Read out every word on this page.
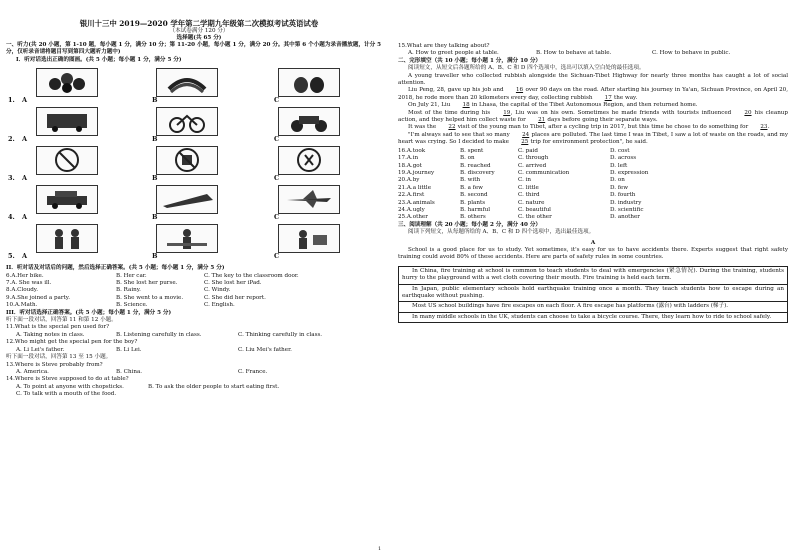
银川十三中 2019—2020 学年第二学期九年级第二次模拟考试英语试卷
（本试卷满分 120 分）
选择题(共 65 分)
一、听力(共 20 小题，第 1-10 题，每小题 1 分，满分 10 分；第 11-20 小题，每小题 1 分，满分 20 分。其中第 6 个小题为录音播放题，计分 5 分，仅听录音请将题目写到第四大题听力题中)
I．听对话选出正确的图画。(共 5 小题；每小题 1 分，满分 5 分)
1. A	B	C
2. A	B	C
3. A	B	C
4. A	B	C
5. A	B	C
II．听对话及对话后的问题，然后选择正确答案。(共 5 小题；每小题 1 分，满分 5 分)
6.A.Her bike.	B. Her car.	C. The key to the classroom door.
7.A. She was ill.	B. She lost her purse.	C. She lost her iPad.
8.A.Cloudy.	B. Rainy.	C. Windy.
9.A.She joined a party.	B. She went to a movie.	C. She did her report.
10.A.Math.	B. Science.	C. English.
III．听对话选择正确答案。(共 5 小题；每小题 1 分，满分 5 分)
听下面一段对话，回答第 11 和第 12 小题。
11.What is the special pen used for?
A. Taking notes in class.	B. Listening carefully in class.	C. Thinking carefully in class.
12.Who might get the special pen for the boy?
A. Li Lei's father.	B. Li Lei.	C. Liu Mei's father.
听下面一段对话，回答第 13 至 15 小题。
13.Where is Steve probably from?
A. America.	B. China.	C. France.
14.Where is Steve supposed to do at table?
A. To point at anyone with chopsticks.	B. To ask the older people to start eating first.
C. To talk with a mouth of the food.
15.What are they talking about?
A. How to greet people at table.	B. How to behave at table.	C. How to behave in public.
二、完形填空（共 10 小题；每小题 1 分，满分 10 分）
阅读短文，从短文后各题所给的 A、B、C 和 D 四个选项中，选出可以填入空白处的最佳选项。
A young traveller who collected rubbish alongside the Sichuan-Tibet Highway for nearly three months has caught a lot of social attention.
Liu Peng, 28, gave up his job and 16 over 90 days on the road. After starting his journey in Ya'an, Sichuan Province, on April 20, 2018, he rode more than 20 kilometers every day, collecting rubbish 17 the way.
On July 21, Liu 18 in Lhasa, the capital of the Tibet Autonomous Region, and then returned home.
Most of the time during his 19, Liu was on his own. Sometimes he made friends with tourists influenced 20 his cleanup action, and they helped him collect waste for 21 days before going their separate ways.
It was the 22 visit of the young man to Tibet, after a cycling trip in 2017, but this time he chose to do something for 23.
"I'm always sad to see that so many 24 places are polluted. The last time I was in Tibet, I saw a lot of waste on the roads, and my heart was crying. So I decided to make 25 trip for environment protection", he said.
16.A.took	B. spent	C. paid	D. cost
17.A.in	B. on	C. through	D. across
18.A.got	B. reached	C. arrived	D. left
19.A.journey	B. discovery	C. communication	D. expression
20.A.by	B. with	C. in	D. on
21.A.a little	B. a few	C. little	D. few
22.A.first	B. second	C. third	D. fourth
23.A.animals	B. plants	C. nature	D. industry
24.A.ugly	B. harmful	C. beautiful	D. scientific
25.A.other	B. others	C. the other	D. another
三、阅读理解（共 20 小题；每小题 2 分，满分 40 分）
阅读下列短文，从每题所给的 A、B、C 和 D 四个选项中，选出最佳选项。
A
School is a good place for us to study. Yet sometimes, it's easy for us to have accidents there. Experts suggest that right safety training could avoid 80% of these accidents. Here are parts of safety rules in some countries.
In China, fire training at school is common to teach students to deal with emergencies (紧急情况). During the training, students hurry to the playground with a wet cloth covering their mouth. Fire training is held each term.
In Japan, public elementary schools hold earthquake training once a month. They teach students how to escape during an earthquake without pushing.
Most US school buildings have fire escapes on each floor. A fire escape has platforms (露台) with ladders (梯子).
In many middle schools in the UK, students can choose to take a bicycle course. There, they learn how to ride to school safely.
1
